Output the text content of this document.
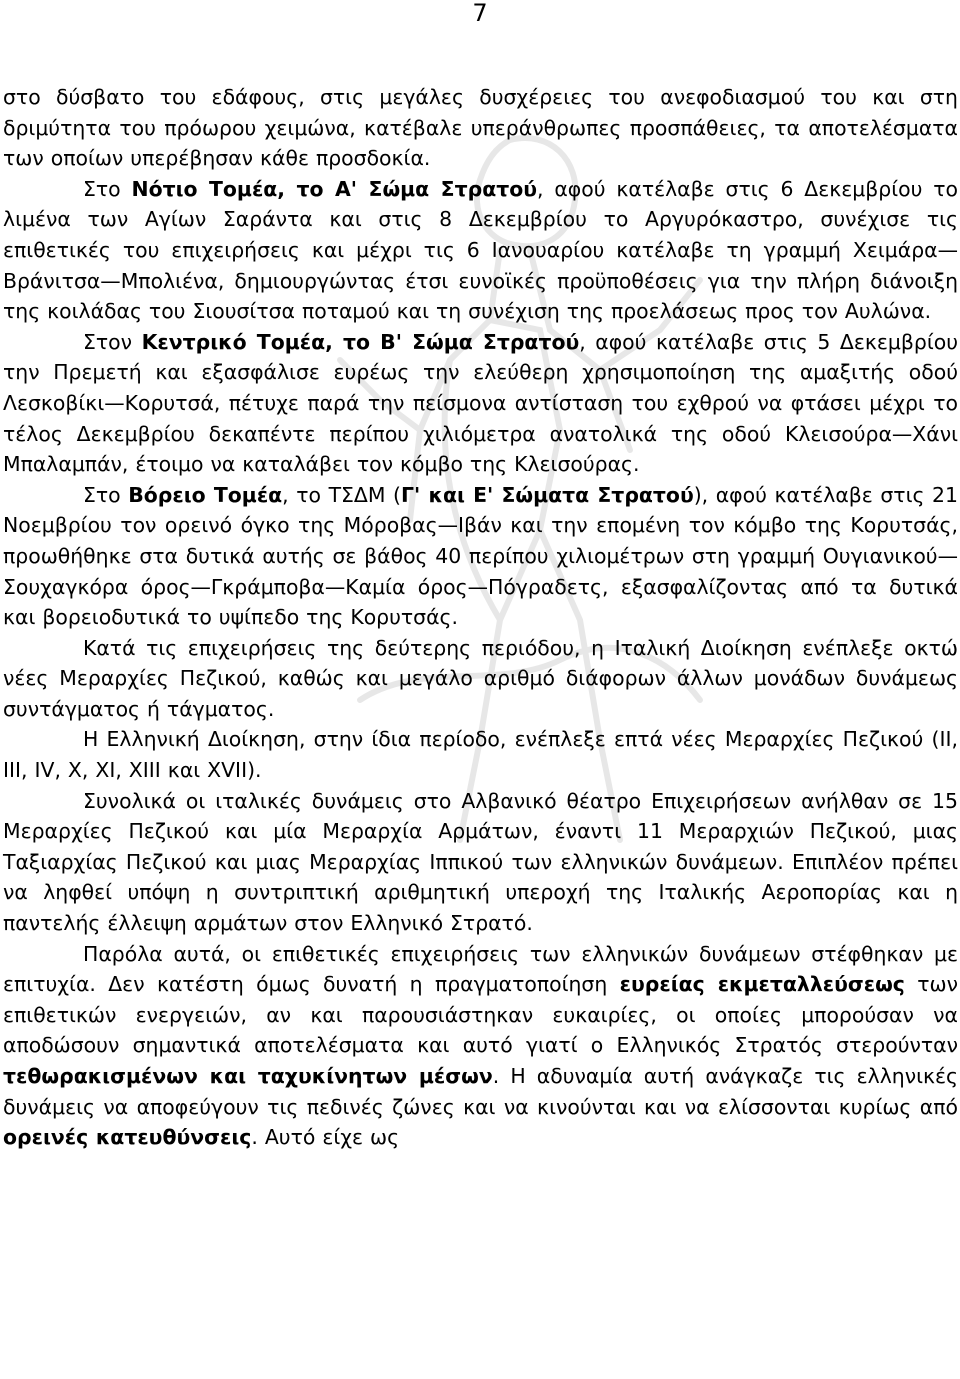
7

στο δύσβατο του εδάφους, στις μεγάλες δυσχέρειες του ανεφοδιασμού του και στη δριμύτητα του πρόωρου χειμώνα, κατέβαλε υπεράνθρωπες προσπάθειες, τα αποτελέσματα των οποίων υπερέβησαν κάθε προσδοκία.

Στο Νότιο Τομέα, το Α' Σώμα Στρατού, αφού κατέλαβε στις 6 Δεκεμβρίου το λιμένα των Αγίων Σαράντα και στις 8 Δεκεμβρίου το Αργυρόκαστρο, συνέχισε τις επιθετικές του επιχειρήσεις και μέχρι τις 6 Ιανουαρίου κατέλαβε τη γραμμή Χειμάρα—Βράνιτσα—Μπολιένα, δημιουργώντας έτσι ευνοϊκές προϋποθέσεις για την πλήρη διάνοιξη της κοιλάδας του Σιουσίτσα ποταμού και τη συνέχιση της προελάσεως προς τον Αυλώνα.

Στον Κεντρικό Τομέα, το Β' Σώμα Στρατού, αφού κατέλαβε στις 5 Δεκεμβρίου την Πρεμετή και εξασφάλισε ευρέως την ελεύθερη χρησιμοποίηση της αμαξιτής οδού Λεσκοβίκι—Κορυτσά, πέτυχε παρά την πείσμονα αντίσταση του εχθρού να φτάσει μέχρι το τέλος Δεκεμβρίου δεκαπέντε περίπου χιλιόμετρα ανατολικά της οδού Κλεισούρα—Χάνι Μπαλαμπάν, έτοιμο να καταλάβει τον κόμβο της Κλεισούρας.

Στο Βόρειο Τομέα, το ΤΣΔΜ (Γ' και Ε' Σώματα Στρατού), αφού κατέλαβε στις 21 Νοεμβρίου τον ορεινό όγκο της Μόροβας—Ιβάν και την επομένη τον κόμβο της Κορυτσάς, προωθήθηκε στα δυτικά αυτής σε βάθος 40 περίπου χιλιομέτρων στη γραμμή Ουγιανικού—Σουχαγκόρα όρος—Γκράμποβα—Καμία όρος—Πόγραδετς, εξασφαλίζοντας από τα δυτικά και βορειοδυτικά το υψίπεδο της Κορυτσάς.

Κατά τις επιχειρήσεις της δεύτερης περιόδου, η Ιταλική Διοίκηση ενέπλεξε οκτώ νέες Μεραρχίες Πεζικού, καθώς και μεγάλο αριθμό διάφορων άλλων μονάδων δυνάμεως συντάγματος ή τάγματος.

Η Ελληνική Διοίκηση, στην ίδια περίοδο, ενέπλεξε επτά νέες Μεραρχίες Πεζικού (ΙΙ, ΙΙΙ, IV, X, XI, XIII και XVII).

Συνολικά οι ιταλικές δυνάμεις στο Αλβανικό θέατρο Επιχειρήσεων ανήλθαν σε 15 Μεραρχίες Πεζικού και μία Μεραρχία Αρμάτων, έναντι 11 Μεραρχιών Πεζικού, μιας Ταξιαρχίας Πεζικού και μιας Μεραρχίας Ιππικού των ελληνικών δυνάμεων. Επιπλέον πρέπει να ληφθεί υπόψη η συντριπτική αριθμητική υπεροχή της Ιταλικής Αεροπορίας και η παντελής έλλειψη αρμάτων στον Ελληνικό Στρατό.

Παρόλα αυτά, οι επιθετικές επιχειρήσεις των ελληνικών δυνάμεων στέφθηκαν με επιτυχία. Δεν κατέστη όμως δυνατή η πραγματοποίηση ευρείας εκμεταλλεύσεως των επιθετικών ενεργειών, αν και παρουσιάστηκαν ευκαιρίες, οι οποίες μπορούσαν να αποδώσουν σημαντικά αποτελέσματα και αυτό γιατί ο Ελληνικός Στρατός στερούνταν τεθωρακισμένων και ταχυκίνητων μέσων. Η αδυναμία αυτή ανάγκαζε τις ελληνικές δυνάμεις να αποφεύγουν τις πεδινές ζώνες και να κινούνται και να ελίσσονται κυρίως από ορεινές κατευθύνσεις. Αυτό είχε ως
